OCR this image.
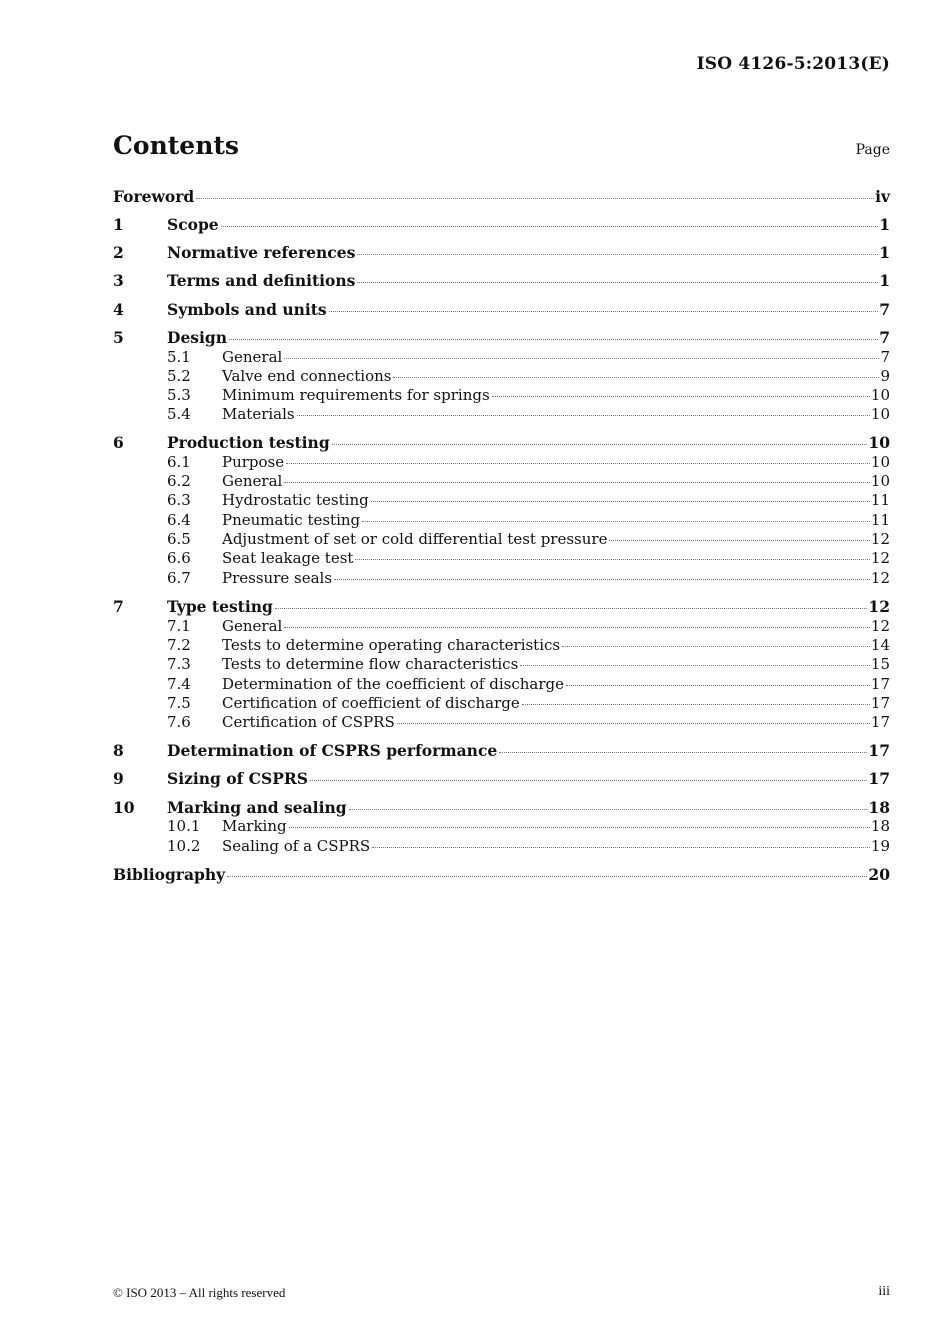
ISO 4126-5:2013(E)
Contents	Page
Foreword	iv
1	Scope	1
2	Normative references	1
3	Terms and definitions	1
4	Symbols and units	7
5	Design	7
5.1	General	7
5.2	Valve end connections	9
5.3	Minimum requirements for springs	10
5.4	Materials	10
6	Production testing	10
6.1	Purpose	10
6.2	General	10
6.3	Hydrostatic testing	11
6.4	Pneumatic testing	11
6.5	Adjustment of set or cold differential test pressure	12
6.6	Seat leakage test	12
6.7	Pressure seals	12
7	Type testing	12
7.1	General	12
7.2	Tests to determine operating characteristics	14
7.3	Tests to determine flow characteristics	15
7.4	Determination of the coefficient of discharge	17
7.5	Certification of coefficient of discharge	17
7.6	Certification of CSPRS	17
8	Determination of CSPRS performance	17
9	Sizing of CSPRS	17
10	Marking and sealing	18
10.1	Marking	18
10.2	Sealing of a CSPRS	19
Bibliography	20
© ISO 2013 – All rights reserved	iii
